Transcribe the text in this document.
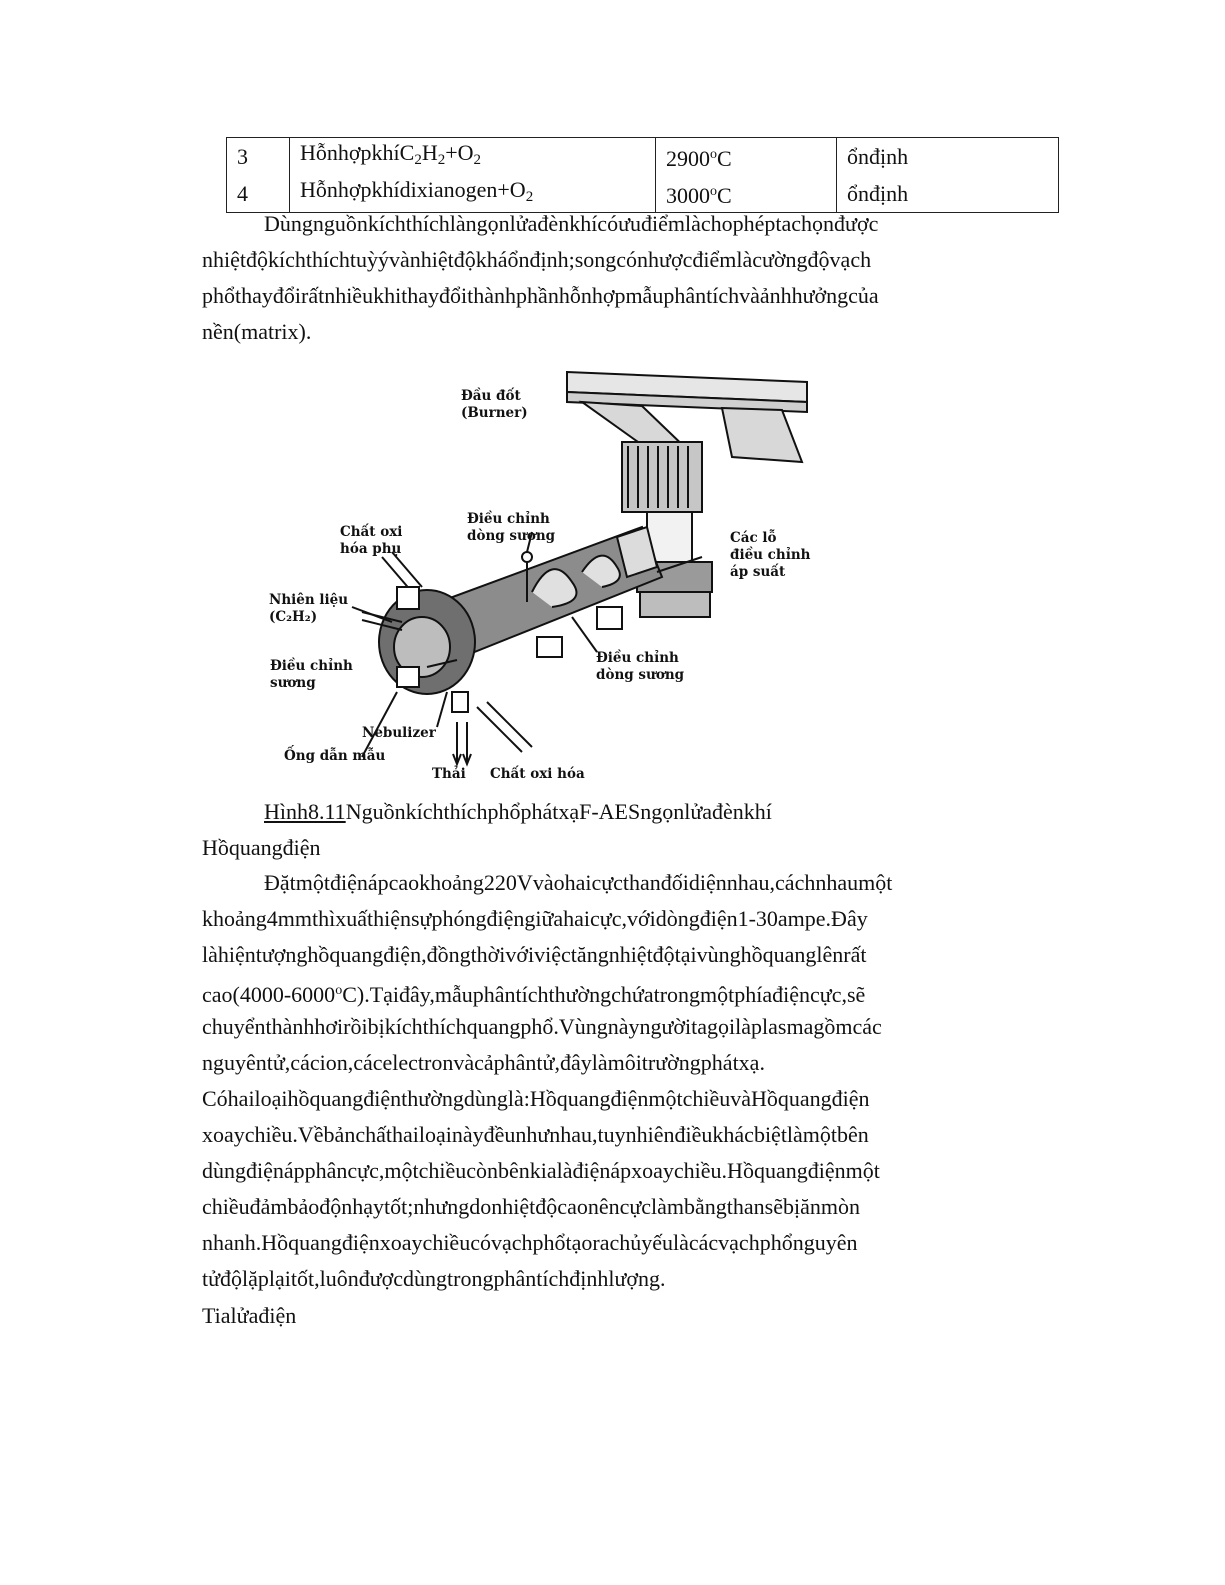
3	$HỗnhợpkhíC_2H_2+O_2$	2900$^o$C	ổnđịnh
4	$Hỗnhợpkhídixianogen+O_2$	3000$^o$C	ổnđịnh
Dùngnguồnkíchthíchlàngọnlửađènkhícóưuđiểmlàchophéptachọnđược
nhiệtđộkíchthíchtuỳývànhiệtđộkháổnđịnh;songcónhượcđiểmlàcườngđộvạch
phổthayđổirấtnhiềukhithayđổithànhphầnhỗnhợpmẫuphântíchvàảnhhưởngcủa
nền(matrix).
Đầu đốt
(Burner)
Chất oxi
hóa phụ
Điều chỉnh
dòng sương	Các lỗ
điều chỉnh
áp suất
Nhiên liệu
(C₂H₂)
Điều chỉnh
sương
Điều chỉnh
dòng sương
Nebulizer
Ống dẫn mẫu
Thải Chất oxi hóa
Hình8.11NguồnkíchthíchphổphátxạF-AESngọnlửađènkhí
Hồquangđiện
Đặtmộtđiệnápcaokhoảng220Vvàohaicựcthanđốidiệnnhau,cáchnhaumột
khoảng4mmthìxuấthiệnsựphóngđiệngiữahaicực,vớidòngđiện1-30ampe.Đây
làhiệntượnghồquangđiện,đồngthờivớiviệctăngnhiệtđộtạivùnghồquanglênrất
cao(4000-6000$^o$C).Tạiđây,mẫuphântíchthườngchứatrongmộtphíađiệncực,sẽ
chuyểnthànhhơirồibịkíchthíchquangphổ.Vùngnàyngườitagọilàplasmagồmcác
nguyêntử,cácion,cácelectronvàcảphântử,đâylàmôitrườngphátxạ.
Cóhailoạihồquangđiệnthườngdùnglà:HồquangđiệnmộtchiềuvàHồquangđiện
xoaychiều.Vềbảnchấthailoạinàyđềunhưnhau,tuynhiênđiềukhácbiệtlàmộtbên
dùngđiệnápphâncực,mộtchiềucònbênkialàđiệnápxoaychiều.Hồquangđiệnmột
chiềuđảmbảođộnhạytốt;nhưngdonhiệtđộcaonêncựclàmbằngthansẽbịănmòn
nhanh.Hồquangđiệnxoaychiềucóvạchphổtạorachủyếulàcácvạchphổnguyên
tửđộlặplạitốt,luônđượcdùngtrongphântíchđịnhlượng.
Tialửađiện
